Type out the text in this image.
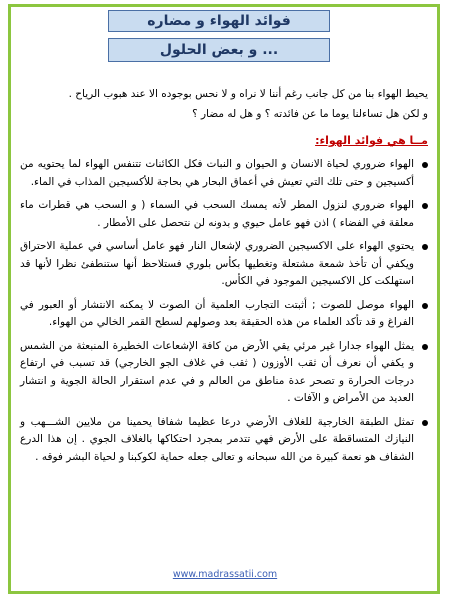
فوائد الهواء و مضاره
... و بعض الحلول
يحيط الهواء بنا من كل جانب رغم أننا لا نراه و لا نحس بوجوده الا عند هبوب الرياح .
و لكن هل تساءلنا يوما ما عن فائدته ؟ و هل له مضار ؟
مــا هي فوائد الهواء:
الهواء ضروري لحياة الانسان و الحيوان و النبات فكل الكائنات تتنفس الهواء لما يحتويه من أكسيجين و حتى تلك التي تعيش في أعماق البحار هي بحاجة للأكسيجين المذاب في الماء.
الهواء ضروري لنزول المطر لأنه يمسك السحب في السماء ( و السحب هي قطرات ماء معلقة في الفضاء ) اذن فهو عامل حيوي و بدونه لن نتحصل على الأمطار .
يحتوي الهواء على الاكسيجين الضروري لإشعال النار فهو عامل أساسي في عملية الاحتراق ويكفي أن تأخذ شمعة مشتعلة وتغطيها بكأس بلوري فستلاحظ أنها ستنطفئ نظرا لأنها قد استهلكت كل الاكسيجين الموجود في الكأس.
الهواء موصل للصوت ; أثبتت التجارب العلمية أن الصوت لا يمكنه الانتشار أو العبور في الفراغ و قد تأكد العلماء من هذه الحقيقة بعد وصولهم لسطح القمر الخالي من الهواء.
يمثل الهواء جدارا غير مرئي يقي الأرض من كافة الإشعاعات الخطيرة المنبعثة من الشمس و يكفي أن نعرف أن ثقب الأوزون ( ثقب في غلاف الجو الخارجي) قد تسبب في ارتفاع درجات الحرارة و تصحر عدة مناطق من العالم و في عدم استقرار الحالة الجوية و انتشار العديد من الأمراض و الآفات .
تمثل الطبقة الخارجية للغلاف الأرضي درعا عظيما شفافا يحمينا من ملايين الشـــهب و النيازك المتساقطة على الأرض فهي تتدمر بمجرد احتكاكها بالغلاف الجوي . إن هذا الدرع الشفاف هو نعمة كبيرة من الله سبحانه و تعالى جعله حماية لكوكبنا و لحياة البشر فوقه .
www.madrassatii.com
